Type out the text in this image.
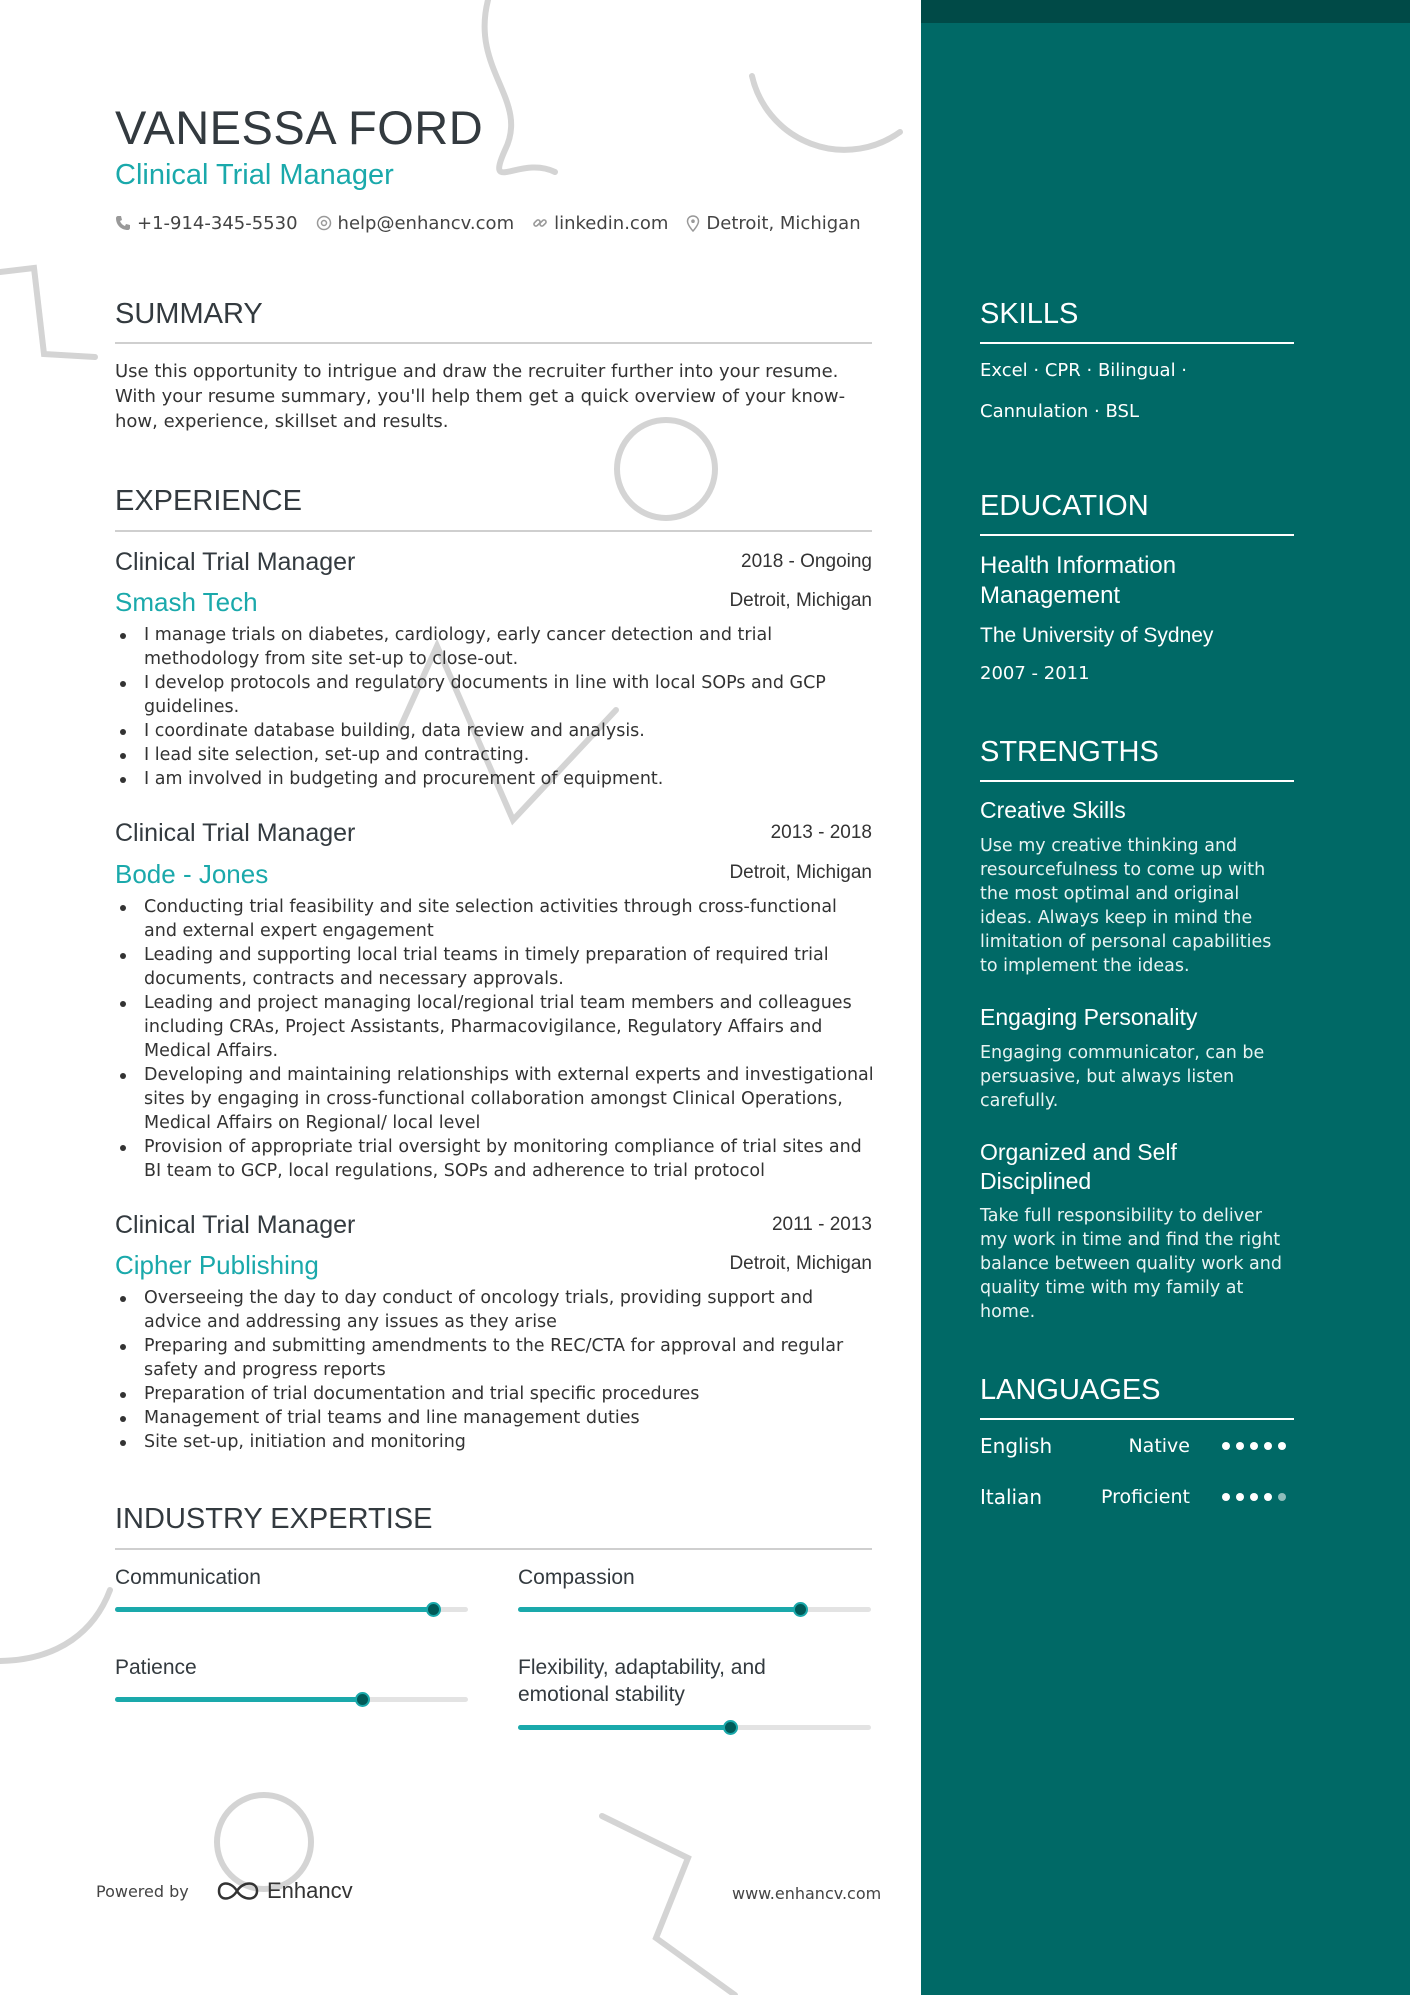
VANESSA FORD
Clinical Trial Manager
+1-914-345-5530 help@enhancv.com linkedin.com Detroit, Michigan
SUMMARY
Use this opportunity to intrigue and draw the recruiter further into your resume. With your resume summary, you'll help them get a quick overview of your know-how, experience, skillset and results.
EXPERIENCE
Clinical Trial Manager	2018 - Ongoing
Smash Tech	Detroit, Michigan
I manage trials on diabetes, cardiology, early cancer detection and trial methodology from site set-up to close-out.
I develop protocols and regulatory documents in line with local SOPs and GCP guidelines.
I coordinate database building, data review and analysis.
I lead site selection, set-up and contracting.
I am involved in budgeting and procurement of equipment.
Clinical Trial Manager	2013 - 2018
Bode - Jones	Detroit, Michigan
Conducting trial feasibility and site selection activities through cross-functional and external expert engagement
Leading and supporting local trial teams in timely preparation of required trial documents, contracts and necessary approvals.
Leading and project managing local/regional trial team members and colleagues including CRAs, Project Assistants, Pharmacovigilance, Regulatory Affairs and Medical Affairs.
Developing and maintaining relationships with external experts and investigational sites by engaging in cross-functional collaboration amongst Clinical Operations, Medical Affairs on Regional/ local level
Provision of appropriate trial oversight by monitoring compliance of trial sites and BI team to GCP, local regulations, SOPs and adherence to trial protocol
Clinical Trial Manager	2011 - 2013
Cipher Publishing	Detroit, Michigan
Overseeing the day to day conduct of oncology trials, providing support and advice and addressing any issues as they arise
Preparing and submitting amendments to the REC/CTA for approval and regular safety and progress reports
Preparation of trial documentation and trial specific procedures
Management of trial teams and line management duties
Site set-up, initiation and monitoring
INDUSTRY EXPERTISE
Communication	Compassion
Patience	Flexibility, adaptability, and emotional stability
Powered by	Enhancv	www.enhancv.com
SKILLS
Excel · CPR · Bilingual ·
Cannulation · BSL
EDUCATION
Health Information Management
The University of Sydney
2007 - 2011
STRENGTHS
Creative Skills
Use my creative thinking and resourcefulness to come up with the most optimal and original ideas. Always keep in mind the limitation of personal capabilities to implement the ideas.
Engaging Personality
Engaging communicator, can be persuasive, but always listen carefully.
Organized and Self Disciplined
Take full responsibility to deliver my work in time and find the right balance between quality work and quality time with my family at home.
LANGUAGES
English	Native
Italian	Proficient
